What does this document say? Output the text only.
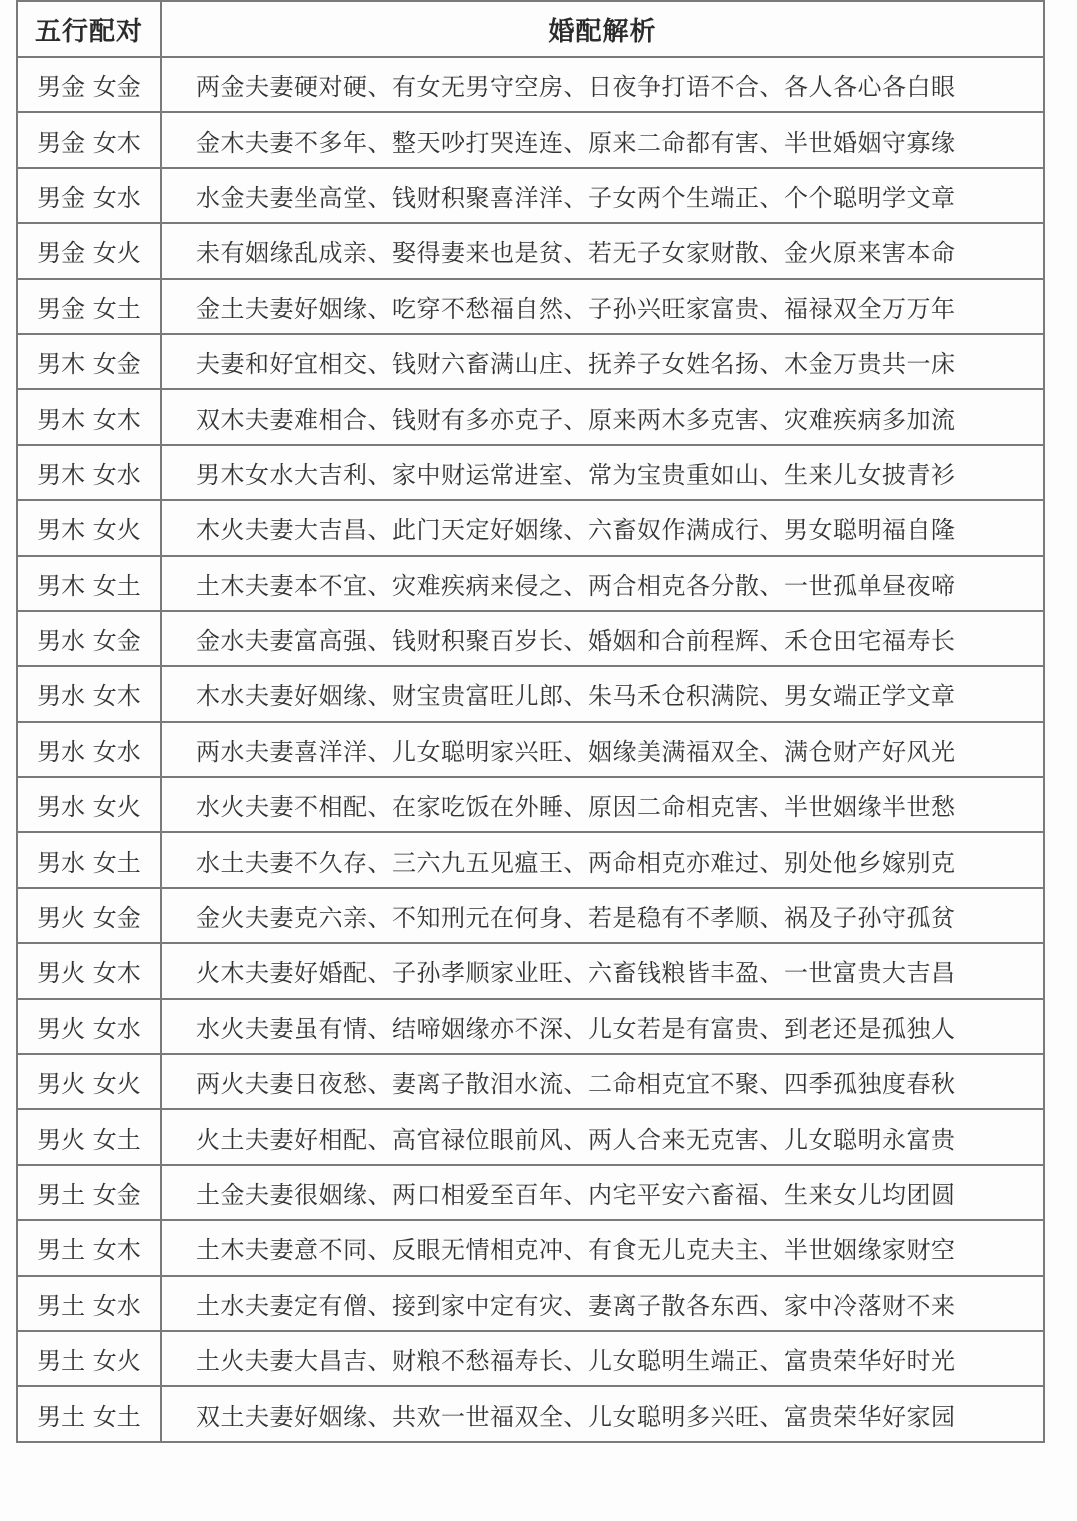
五行配对	婚配解析
男金 女金	两金夫妻硬对硬、有女无男守空房、日夜争打语不合、各人各心各白眼
男金 女木	金木夫妻不多年、整天吵打哭连连、原来二命都有害、半世婚姻守寡缘
男金 女水	水金夫妻坐高堂、钱财积聚喜洋洋、子女两个生端正、个个聪明学文章
男金 女火	未有姻缘乱成亲、娶得妻来也是贫、若无子女家财散、金火原来害本命
男金 女土	金土夫妻好姻缘、吃穿不愁福自然、子孙兴旺家富贵、福禄双全万万年
男木 女金	夫妻和好宜相交、钱财六畜满山庄、抚养子女姓名扬、木金万贵共一床
男木 女木	双木夫妻难相合、钱财有多亦克子、原来两木多克害、灾难疾病多加流
男木 女水	男木女水大吉利、家中财运常进室、常为宝贵重如山、生来儿女披青衫
男木 女火	木火夫妻大吉昌、此门天定好姻缘、六畜奴作满成行、男女聪明福自隆
男木 女土	土木夫妻本不宜、灾难疾病来侵之、两合相克各分散、一世孤单昼夜啼
男水 女金	金水夫妻富高强、钱财积聚百岁长、婚姻和合前程辉、禾仓田宅福寿长
男水 女木	木水夫妻好姻缘、财宝贵富旺儿郎、朱马禾仓积满院、男女端正学文章
男水 女水	两水夫妻喜洋洋、儿女聪明家兴旺、姻缘美满福双全、满仓财产好风光
男水 女火	水火夫妻不相配、在家吃饭在外睡、原因二命相克害、半世姻缘半世愁
男水 女土	水土夫妻不久存、三六九五见瘟王、两命相克亦难过、别处他乡嫁别克
男火 女金	金火夫妻克六亲、不知刑元在何身、若是稳有不孝顺、祸及子孙守孤贫
男火 女木	火木夫妻好婚配、子孙孝顺家业旺、六畜钱粮皆丰盈、一世富贵大吉昌
男火 女水	水火夫妻虽有情、结啼姻缘亦不深、儿女若是有富贵、到老还是孤独人
男火 女火	两火夫妻日夜愁、妻离子散泪水流、二命相克宜不聚、四季孤独度春秋
男火 女土	火土夫妻好相配、高官禄位眼前风、两人合来无克害、儿女聪明永富贵
男土 女金	土金夫妻很姻缘、两口相爱至百年、内宅平安六畜福、生来女儿均团圆
男土 女木	土木夫妻意不同、反眼无情相克冲、有食无儿克夫主、半世姻缘家财空
男土 女水	土水夫妻定有僧、接到家中定有灾、妻离子散各东西、家中冷落财不来
男土 女火	土火夫妻大昌吉、财粮不愁福寿长、儿女聪明生端正、富贵荣华好时光
男土 女土	双土夫妻好姻缘、共欢一世福双全、儿女聪明多兴旺、富贵荣华好家园
